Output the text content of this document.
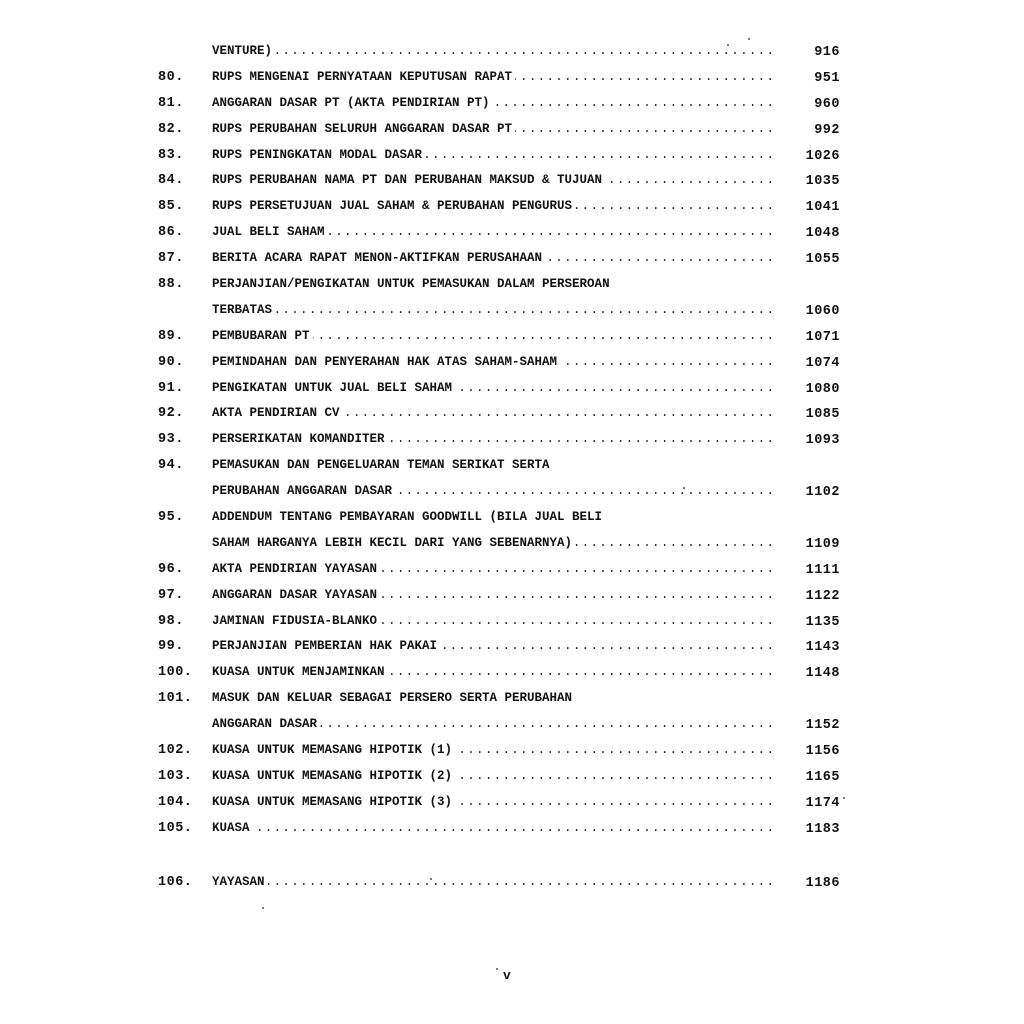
VENTURE) .....	916
80.	RUPS MENGENAI PERNYATAAN KEPUTUSAN RAPAT .....	951
81.	ANGGARAN DASAR PT (AKTA PENDIRIAN PT) .....	960
82.	RUPS PERUBAHAN SELURUH ANGGARAN DASAR PT .....	992
83.	RUPS PENINGKATAN MODAL DASAR .....	1026
84.	RUPS PERUBAHAN NAMA PT DAN PERUBAHAN MAKSUD & TUJUAN .....	1035
85.	RUPS PERSETUJUAN JUAL SAHAM & PERUBAHAN PENGURUS .....	1041
86.	JUAL BELI SAHAM .....	1048
87.	BERITA ACARA RAPAT MENON-AKTIFKAN PERUSAHAAN .....	1055
88.	PERJANJIAN/PENGIKATAN UNTUK PEMASUKAN DALAM PERSEROAN
TERBATAS .....	1060
89.	PEMBUBARAN PT .....	1071
90.	PEMINDAHAN DAN PENYERAHAN HAK ATAS SAHAM-SAHAM .....	1074
91.	PENGIKATAN UNTUK JUAL BELI SAHAM .....	1080
92.	AKTA PENDIRIAN CV .....	1085
93.	PERSERIKATAN KOMANDITER .....	1093
94.	PEMASUKAN DAN PENGELUARAN TEMAN SERIKAT SERTA
PERUBAHAN ANGGARAN DASAR .....	1102
95.	ADDENDUM TENTANG PEMBAYARAN GOODWILL (BILA JUAL BELI
SAHAM HARGANYA LEBIH KECIL DARI YANG SEBENARNYA) .....	1109
96.	AKTA PENDIRIAN YAYASAN .....	1111
97.	ANGGARAN DASAR YAYASAN .....	1122
98.	JAMINAN FIDUSIA-BLANKO .....	1135
99.	PERJANJIAN PEMBERIAN HAK PAKAI .....	1143
100.	KUASA UNTUK MENJAMINKAN .....	1148
101.	MASUK DAN KELUAR SEBAGAI PERSERO SERTA PERUBAHAN
ANGGARAN DASAR .....	1152
102.	KUASA UNTUK MEMASANG HIPOTIK (1) .....	1156
103.	KUASA UNTUK MEMASANG HIPOTIK (2) .....	1165
104.	KUASA UNTUK MEMASANG HIPOTIK (3) .....	1174
105.	KUASA .....	1183
106.	YAYASAN .....	1186
v
